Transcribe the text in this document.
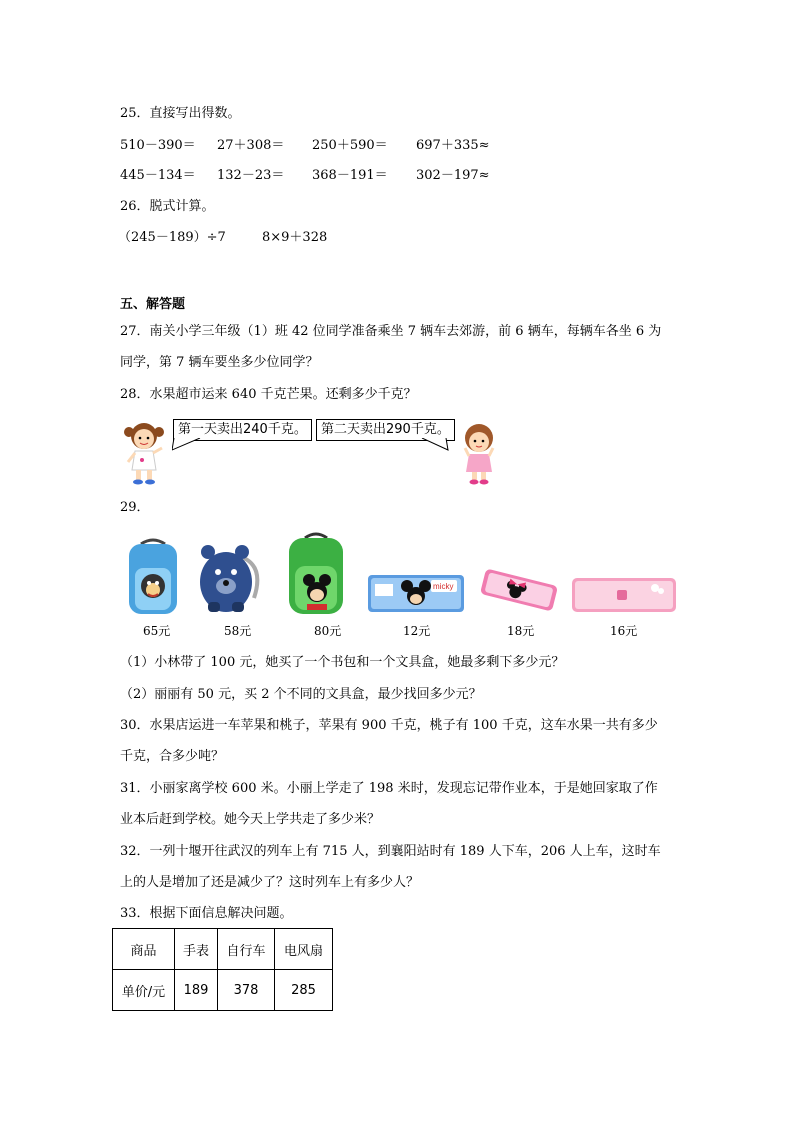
25．直接写出得数。
510－390＝ 27＋308＝ 250＋590＝ 697＋335≈
445－134＝ 132－23＝ 368－191＝ 302－197≈
26．脱式计算。
（245－189）÷7	8×9＋328
五、解答题
27．南关小学三年级（1）班 42 位同学准备乘坐 7 辆车去郊游，前 6 辆车，每辆车各坐 6 为
同学，第 7 辆车要坐多少位同学？
28．水果超市运来 640 千克芒果。还剩多少千克？
第一天卖出240千克。	第二天卖出290千克。
29．
micky
65元	58元	80元	12元	18元	16元
（1）小林带了 100 元，她买了一个书包和一个文具盒，她最多剩下多少元？
（2）丽丽有 50 元，买 2 个不同的文具盒，最少找回多少元？
30．水果店运进一车苹果和桃子，苹果有 900 千克，桃子有 100 千克，这车水果一共有多少
千克，合多少吨？
31．小丽家离学校 600 米。小丽上学走了 198 米时，发现忘记带作业本，于是她回家取了作
业本后赶到学校。她今天上学共走了多少米？
32．一列十堰开往武汉的列车上有 715 人，到襄阳站时有 189 人下车，206 人上车，这时车
上的人是增加了还是减少了？这时列车上有多少人？
33．根据下面信息解决问题。
商品	手表	自行车	电风扇
单价/元	189	378	285
